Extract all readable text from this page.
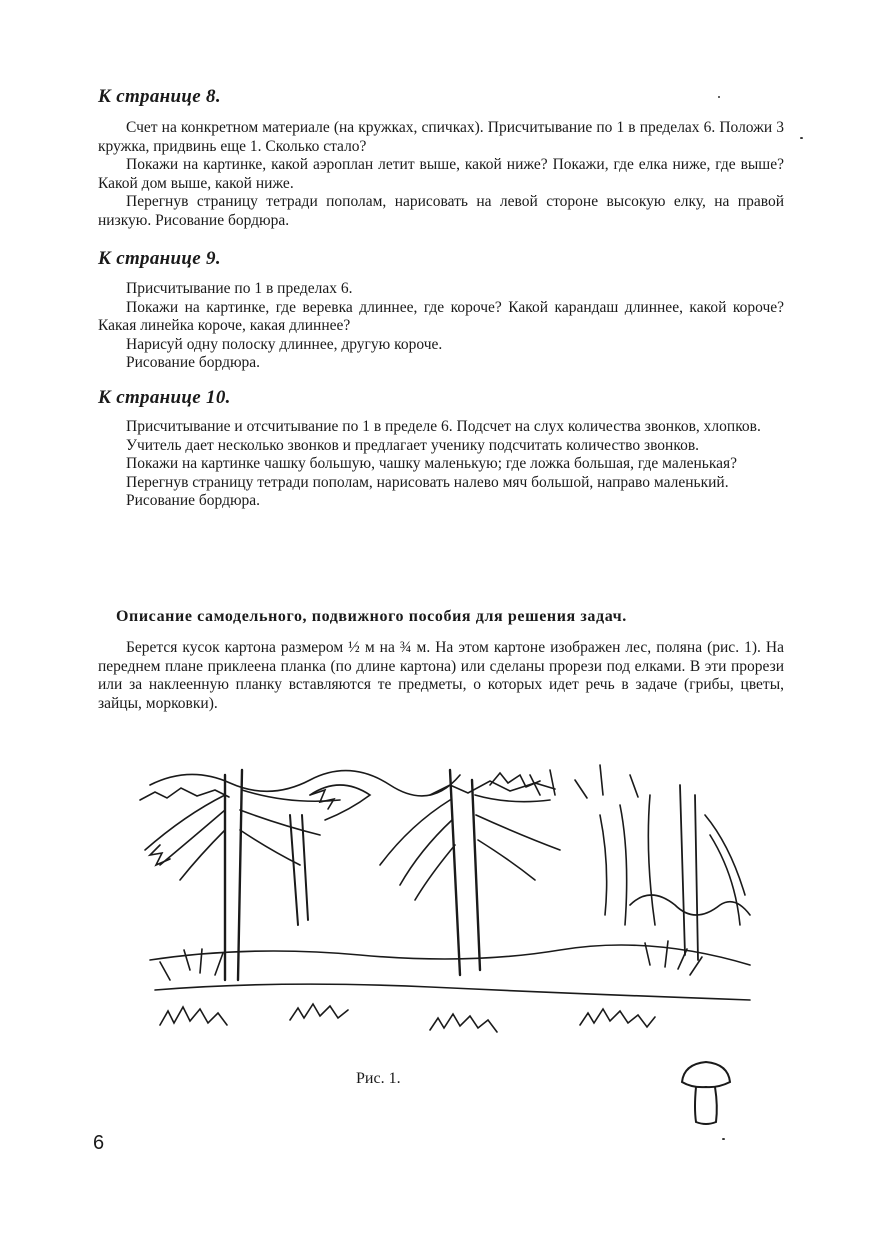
К странице 8.

Счет на конкретном материале (на кружках, спичках). Присчитывание по 1 в пределах 6. Положи 3 кружка, придвинь еще 1. Сколько стало?

Покажи на картинке, какой аэроплан летит выше, какой ниже? Покажи, где елка ниже, где выше? Какой дом выше, какой ниже.

Перегнув страницу тетради пополам, нарисовать на левой стороне высокую елку, на правой низкую. Рисование бордюра.

К странице 9.

Присчитывание по 1 в пределах 6.

Покажи на картинке, где веревка длиннее, где короче? Какой карандаш длиннее, какой короче? Какая линейка короче, какая длиннее?

Нарисуй одну полоску длиннее, другую короче.

Рисование бордюра.

К странице 10.

Присчитывание и отсчитывание по 1 в пределе 6. Подсчет на слух количества звонков, хлопков.

Учитель дает несколько звонков и предлагает ученику подсчитать количество звонков.

Покажи на картинке чашку большую, чашку маленькую; где ложка большая, где маленькая?

Перегнув страницу тетради пополам, нарисовать налево мяч большой, направо маленький.

Рисование бордюра.

Описание самодельного, подвижного пособия для решения задач.

Берется кусок картона размером ½ м на ¾ м. На этом картоне изображен лес, поляна (рис. 1). На переднем плане приклеена планка (по длине картона) или сделаны прорези под елками. В эти прорези или за наклеенную планку вставляются те предметы, о которых идет речь в задаче (грибы, цветы, зайцы, морковки).

Рис. 1.
6
